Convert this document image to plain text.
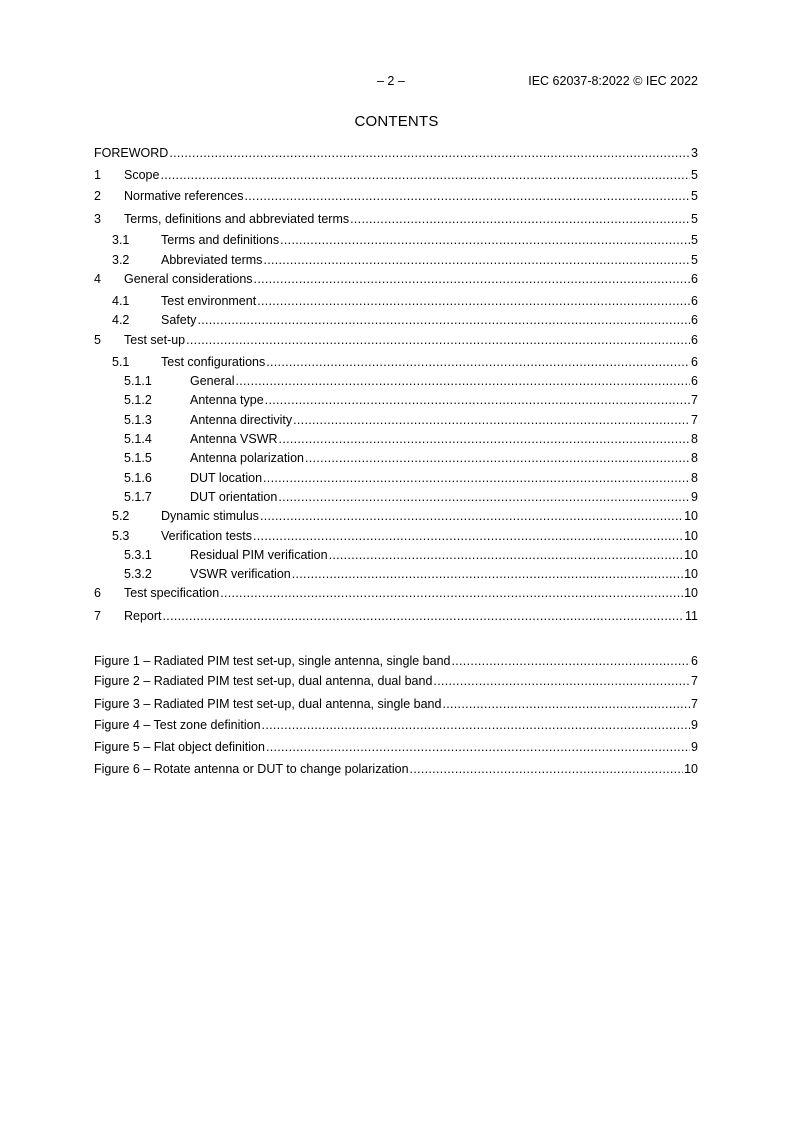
– 2 –	IEC 62037-8:2022 © IEC 2022
CONTENTS
FOREWORD .....	3
1	Scope .....	5
2	Normative references .....	5
3	Terms, definitions and abbreviated terms .....	5
3.1	Terms and definitions .....	5
3.2	Abbreviated terms .....	5
4	General considerations .....	6
4.1	Test environment .....	6
4.2	Safety .....	6
5	Test set-up .....	6
5.1	Test configurations .....	6
5.1.1	General .....	6
5.1.2	Antenna type .....	7
5.1.3	Antenna directivity .....	7
5.1.4	Antenna VSWR .....	8
5.1.5	Antenna polarization .....	8
5.1.6	DUT location .....	8
5.1.7	DUT orientation .....	9
5.2	Dynamic stimulus .....	10
5.3	Verification tests .....	10
5.3.1	Residual PIM verification .....	10
5.3.2	VSWR verification .....	10
6	Test specification .....	10
7	Report .....	11
Figure 1 – Radiated PIM test set-up, single antenna, single band .....	6
Figure 2 – Radiated PIM test set-up, dual antenna, dual band .....	7
Figure 3 – Radiated PIM test set-up, dual antenna, single band .....	7
Figure 4 – Test zone definition .....	9
Figure 5 – Flat object definition .....	9
Figure 6 – Rotate antenna or DUT to change polarization .....	10
